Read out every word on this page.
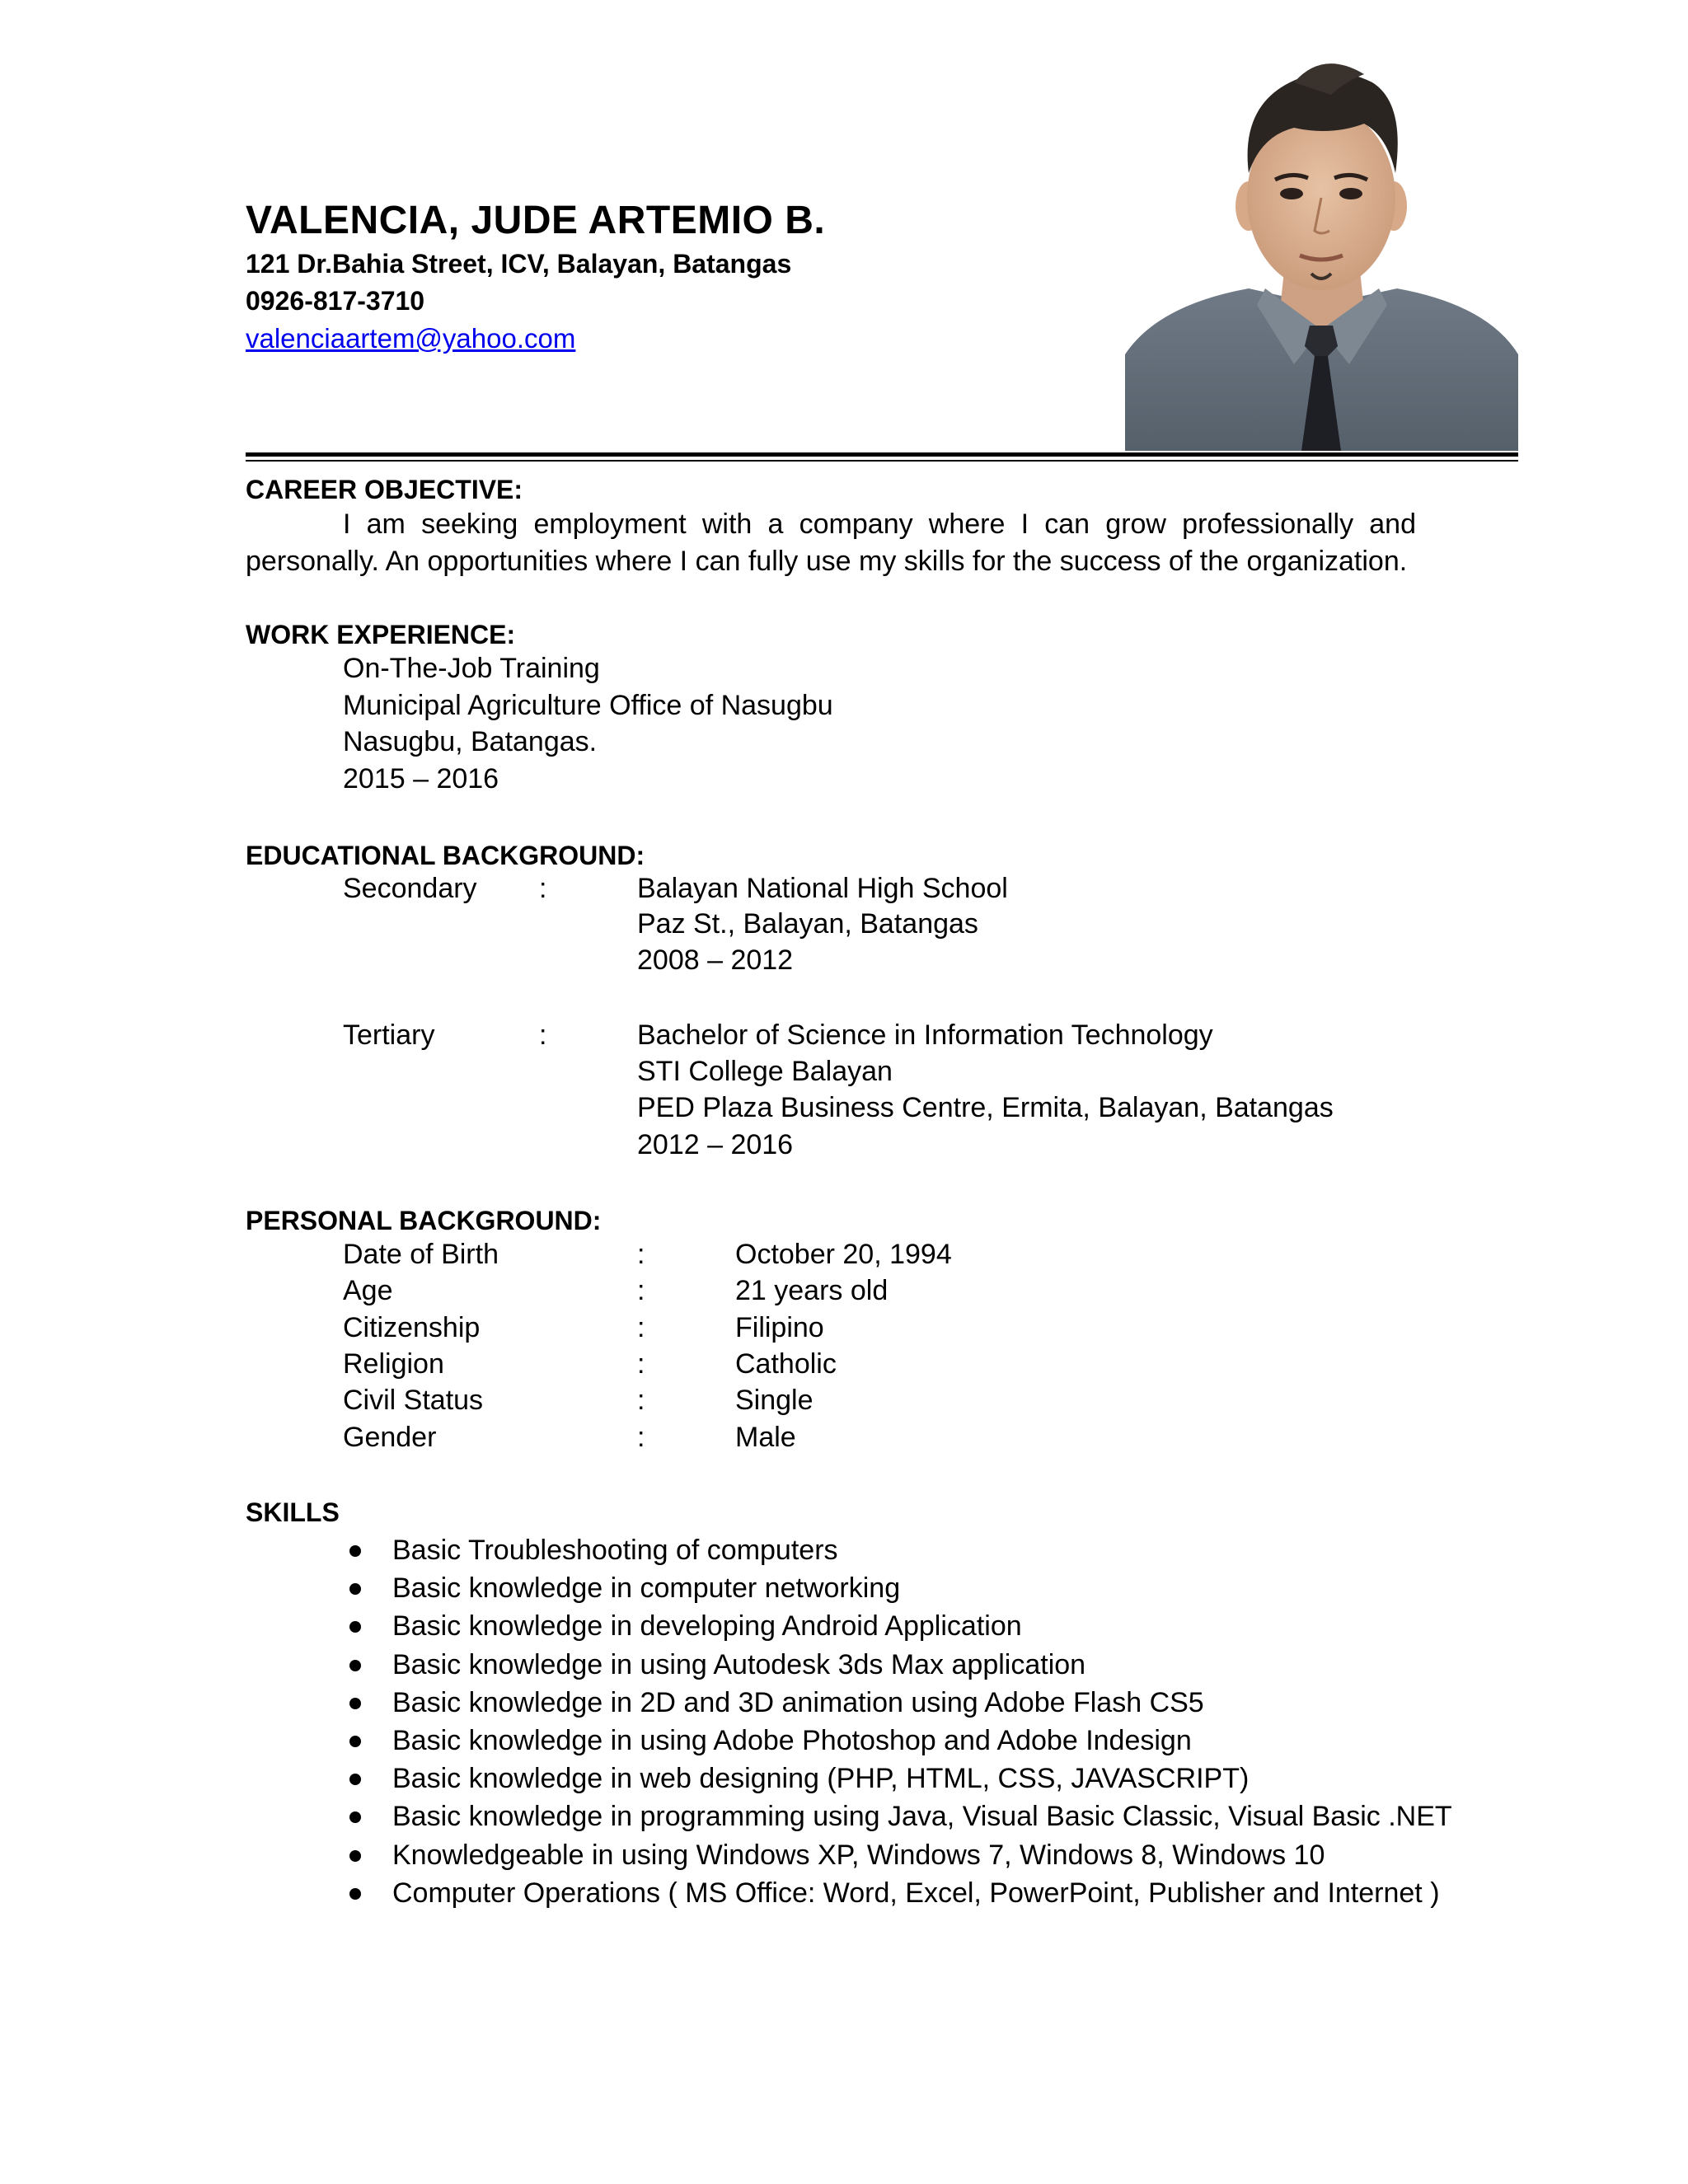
VALENCIA, JUDE ARTEMIO B.
121 Dr.Bahia Street, ICV, Balayan, Batangas
0926-817-3710
valenciaartem@yahoo.com
CAREER OBJECTIVE:
I am seeking employment with a company where I can grow professionally and
personally. An opportunities where I can fully use my skills for the success of the organization.
WORK EXPERIENCE:
On-The-Job Training
Municipal Agriculture Office of Nasugbu
Nasugbu, Batangas.
2015 – 2016
EDUCATIONAL BACKGROUND:
Secondary :	Balayan National High School
Paz St., Balayan, Batangas
2008 – 2012
Tertiary	:	Bachelor of Science in Information Technology
STI College Balayan
PED Plaza Business Centre, Ermita, Balayan, Batangas
2012 – 2016
PERSONAL BACKGROUND:
Date of Birth	:	October 20, 1994
Age	:	21 years old
Citizenship	:	Filipino
Religion	:	Catholic
Civil Status	:	Single
Gender	:	Male
SKILLS
Basic Troubleshooting of computers
Basic knowledge in computer networking
Basic knowledge in developing Android Application
Basic knowledge in using Autodesk 3ds Max application
Basic knowledge in 2D and 3D animation using Adobe Flash CS5
Basic knowledge in using Adobe Photoshop and Adobe Indesign
Basic knowledge in web designing (PHP, HTML, CSS, JAVASCRIPT)
Basic knowledge in programming using Java, Visual Basic Classic, Visual Basic .NET
Knowledgeable in using Windows XP, Windows 7, Windows 8, Windows 10
Computer Operations ( MS Office: Word, Excel, PowerPoint, Publisher and Internet )
